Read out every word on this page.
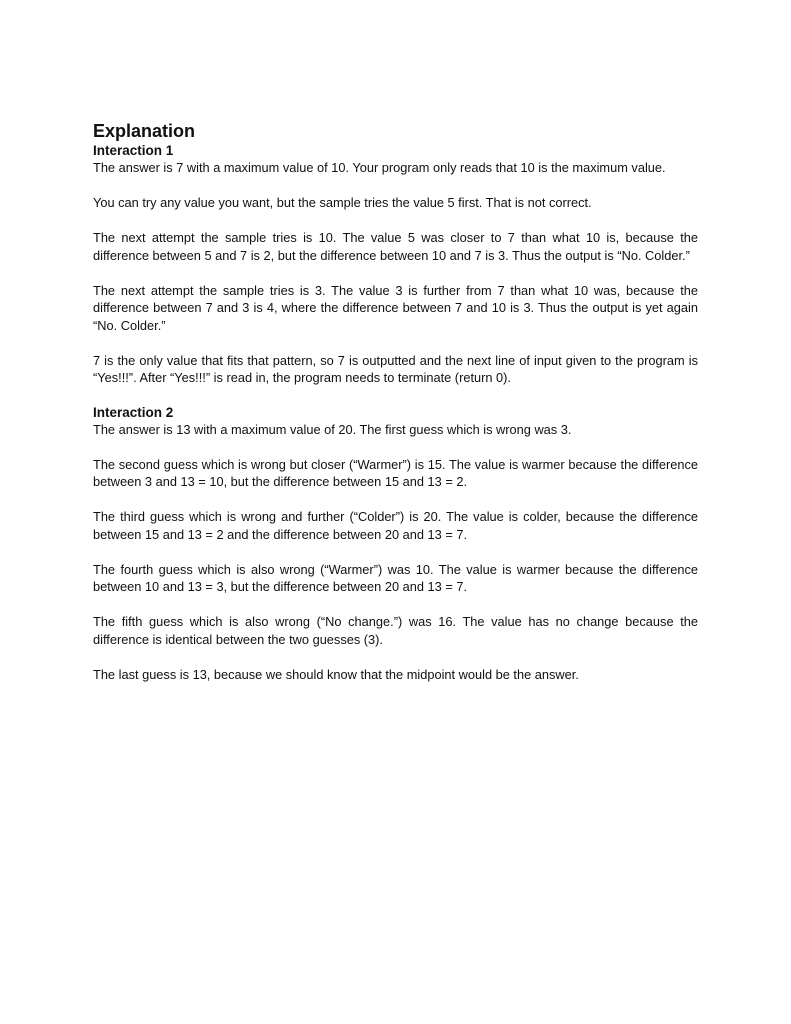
Explanation
Interaction 1

The answer is 7 with a maximum value of 10. Your program only reads that 10 is the maximum value.

You can try any value you want, but the sample tries the value 5 first. That is not correct.

The next attempt the sample tries is 10. The value 5 was closer to 7 than what 10 is, because the difference between 5 and 7 is 2, but the difference between 10 and 7 is 3. Thus the output is “No. Colder.”

The next attempt the sample tries is 3. The value 3 is further from 7 than what 10 was, because the difference between 7 and 3 is 4, where the difference between 7 and 10 is 3. Thus the output is yet again “No. Colder.”

7 is the only value that fits that pattern, so 7 is outputted and the next line of input given to the program is “Yes!!!”. After “Yes!!!” is read in, the program needs to terminate (return 0).

Interaction 2

The answer is 13 with a maximum value of 20. The first guess which is wrong was 3.

The second guess which is wrong but closer (“Warmer”) is 15. The value is warmer because the difference between 3 and 13 = 10, but the difference between 15 and 13 = 2.

The third guess which is wrong and further (“Colder”) is 20. The value is colder, because the difference between 15 and 13 = 2 and the difference between 20 and 13 = 7.

The fourth guess which is also wrong (“Warmer”) was 10. The value is warmer because the difference between 10 and 13 = 3, but the difference between 20 and 13 = 7.

The fifth guess which is also wrong (“No change.”) was 16. The value has no change because the difference is identical between the two guesses (3).

The last guess is 13, because we should know that the midpoint would be the answer.
